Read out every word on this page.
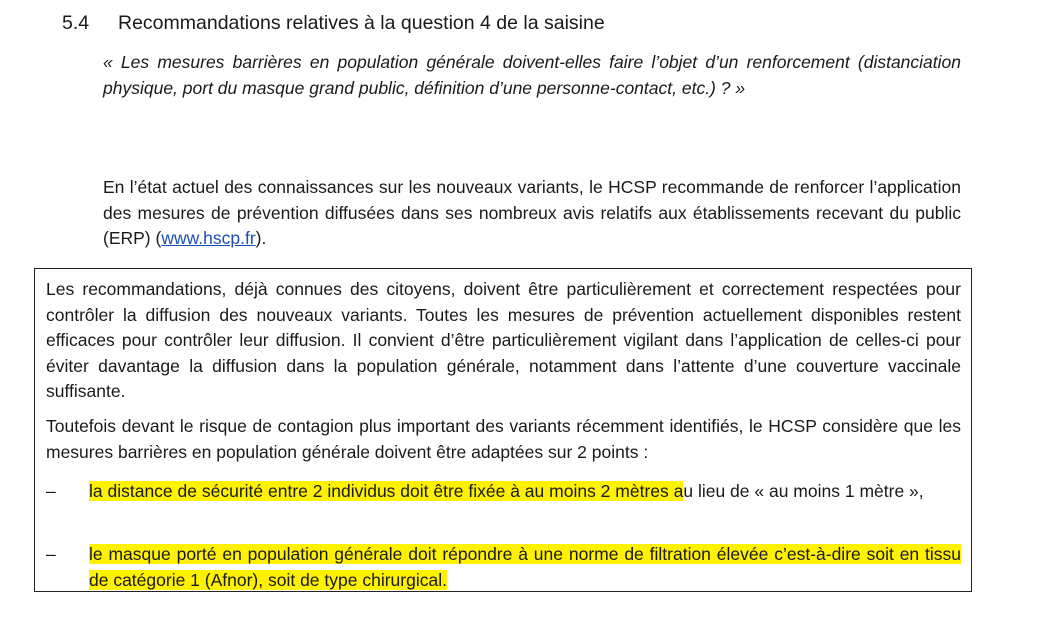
5.4 Recommandations relatives à la question 4 de la saisine

« Les mesures barrières en population générale doivent-elles faire l’objet d’un renforcement (distanciation physique, port du masque grand public, définition d’une personne-contact, etc.) ? »

En l’état actuel des connaissances sur les nouveaux variants, le HCSP recommande de renforcer l’application des mesures de prévention diffusées dans ses nombreux avis relatifs aux établissements recevant du public (ERP) (www.hscp.fr).

Les recommandations, déjà connues des citoyens, doivent être particulièrement et correctement respectées pour contrôler la diffusion des nouveaux variants. Toutes les mesures de prévention actuellement disponibles restent efficaces pour contrôler leur diffusion. Il convient d’être particulièrement vigilant dans l’application de celles-ci pour éviter davantage la diffusion dans la population générale, notamment dans l’attente d’une couverture vaccinale suffisante.

Toutefois devant le risque de contagion plus important des variants récemment identifiés, le HCSP considère que les mesures barrières en population générale doivent être adaptées sur 2 points :

– la distance de sécurité entre 2 individus doit être fixée à au moins 2 mètres au lieu de « au moins 1 mètre »,

– le masque porté en population générale doit répondre à une norme de filtration élevée c’est-à-dire soit en tissu de catégorie 1 (Afnor), soit de type chirurgical.
